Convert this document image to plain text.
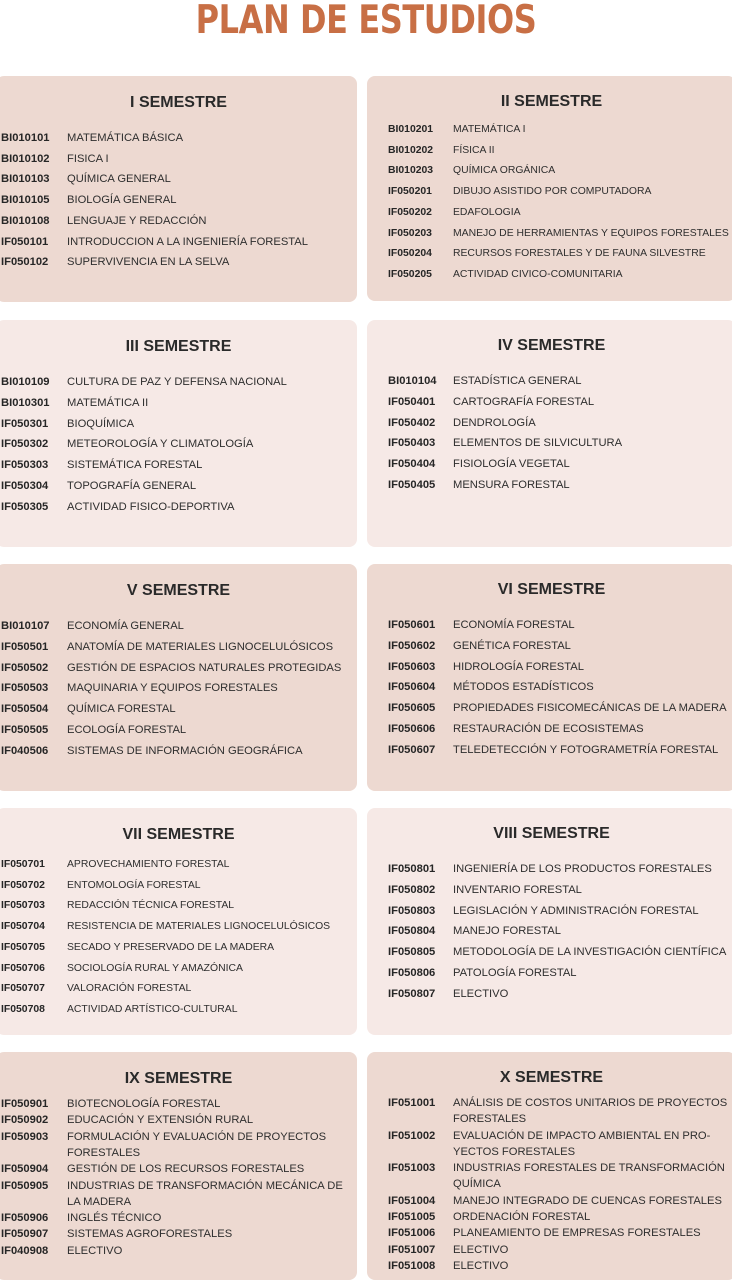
PLAN DE ESTUDIOS
I SEMESTRE
BI010101 MATEMÁTICA BÁSICA
BI010102 FISICA I
BI010103 QUÍMICA GENERAL
BI010105 BIOLOGÍA GENERAL
BI010108 LENGUAJE Y REDACCIÓN
IF050101 INTRODUCCION A LA INGENIERÍA FORESTAL
IF050102 SUPERVIVENCIA EN LA SELVA
II SEMESTRE
BI010201 MATEMÁTICA I
BI010202 FÍSICA II
BI010203 QUÍMICA ORGÁNICA
IF050201 DIBUJO ASISTIDO POR COMPUTADORA
IF050202 EDAFOLOGIA
IF050203 MANEJO DE HERRAMIENTAS Y EQUIPOS FORESTALES
IF050204 RECURSOS FORESTALES Y DE FAUNA SILVESTRE
IF050205 ACTIVIDAD CIVICO-COMUNITARIA
III SEMESTRE
BI010109 CULTURA DE PAZ Y DEFENSA NACIONAL
BI010301 MATEMÁTICA II
IF050301 BIOQUÍMICA
IF050302 METEOROLOGÍA Y CLIMATOLOGÍA
IF050303 SISTEMÁTICA FORESTAL
IF050304 TOPOGRAFÍA GENERAL
IF050305 ACTIVIDAD FISICO-DEPORTIVA
IV SEMESTRE
BI010104 ESTADÍSTICA GENERAL
IF050401 CARTOGRAFÍA FORESTAL
IF050402 DENDROLOGÍA
IF050403 ELEMENTOS DE SILVICULTURA
IF050404 FISIOLOGÍA VEGETAL
IF050405 MENSURA FORESTAL
V SEMESTRE
BI010107 ECONOMÍA GENERAL
IF050501 ANATOMÍA DE MATERIALES LIGNOCELULÓSICOS
IF050502 GESTIÓN DE ESPACIOS NATURALES PROTEGIDAS
IF050503 MAQUINARIA Y EQUIPOS FORESTALES
IF050504 QUÍMICA FORESTAL
IF050505 ECOLOGÍA FORESTAL
IF040506 SISTEMAS DE INFORMACIÓN GEOGRÁFICA
VI SEMESTRE
IF050601 ECONOMÍA FORESTAL
IF050602 GENÉTICA FORESTAL
IF050603 HIDROLOGÍA FORESTAL
IF050604 MÉTODOS ESTADÍSTICOS
IF050605 PROPIEDADES FISICOMECÁNICAS DE LA MADERA
IF050606 RESTAURACIÓN DE ECOSISTEMAS
IF050607 TELEDETECCIÓN Y FOTOGRAMETRÍA FORESTAL
VII SEMESTRE
IF050701 APROVECHAMIENTO FORESTAL
IF050702 ENTOMOLOGÍA FORESTAL
IF050703 REDACCIÓN TÉCNICA FORESTAL
IF050704 RESISTENCIA DE MATERIALES LIGNOCELULÓSICOS
IF050705 SECADO Y PRESERVADO DE LA MADERA
IF050706 SOCIOLOGÍA RURAL Y AMAZÓNICA
IF050707 VALORACIÓN FORESTAL
IF050708 ACTIVIDAD ARTÍSTICO-CULTURAL
VIII SEMESTRE
IF050801 INGENIERÍA DE LOS PRODUCTOS FORESTALES
IF050802 INVENTARIO FORESTAL
IF050803 LEGISLACIÓN Y ADMINISTRACIÓN FORESTAL
IF050804 MANEJO FORESTAL
IF050805 METODOLOGÍA DE LA INVESTIGACIÓN CIENTÍFICA
IF050806 PATOLOGÍA FORESTAL
IF050807 ELECTIVO
IX SEMESTRE
IF050901 BIOTECNOLOGÍA FORESTAL
IF050902 EDUCACIÓN Y EXTENSIÓN RURAL
IF050903 FORMULACIÓN Y EVALUACIÓN DE PROYECTOS FORESTALES
IF050904 GESTIÓN DE LOS RECURSOS FORESTALES
IF050905 INDUSTRIAS DE TRANSFORMACIÓN MECÁNICA DE LA MADERA
IF050906 INGLÉS TÉCNICO
IF050907 SISTEMAS AGROFORESTALES
IF040908 ELECTIVO
X SEMESTRE
IF051001 ANÁLISIS DE COSTOS UNITARIOS DE PROYECTOS FORESTALES
IF051002 EVALUACIÓN DE IMPACTO AMBIENTAL EN PRO-YECTOS FORESTALES
IF051003 INDUSTRIAS FORESTALES DE TRANSFORMACIÓN QUÍMICA
IF051004 MANEJO INTEGRADO DE CUENCAS FORESTALES
IF051005 ORDENACIÓN FORESTAL
IF051006 PLANEAMIENTO DE EMPRESAS FORESTALES
IF051007 ELECTIVO
IF051008 ELECTIVO
